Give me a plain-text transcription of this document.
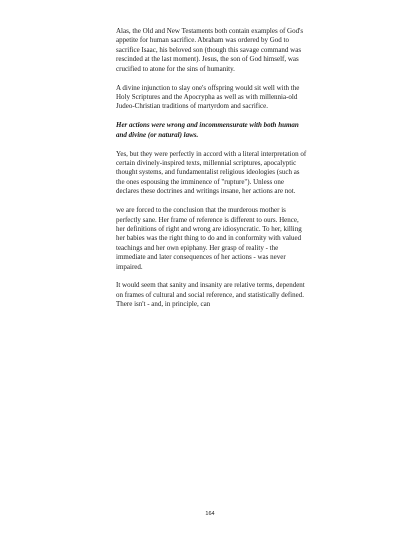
Alas, the Old and New Testaments both contain examples of God's appetite for human sacrifice. Abraham was ordered by God to sacrifice Isaac, his beloved son (though this savage command was rescinded at the last moment). Jesus, the son of God himself, was crucified to atone for the sins of humanity.

A divine injunction to slay one's offspring would sit well with the Holy Scriptures and the Apocrypha as well as with millennia-old Judeo-Christian traditions of martyrdom and sacrifice.

Her actions were wrong and incommensurate with both human and divine (or natural) laws.

Yes, but they were perfectly in accord with a literal interpretation of certain divinely-inspired texts, millennial scriptures, apocalyptic thought systems, and fundamentalist religious ideologies (such as the ones espousing the imminence of "rupture"). Unless one declares these doctrines and writings insane, her actions are not.

we are forced to the conclusion that the murderous mother is perfectly sane. Her frame of reference is different to ours. Hence, her definitions of right and wrong are idiosyncratic. To her, killing her babies was the right thing to do and in conformity with valued teachings and her own epiphany. Her grasp of reality - the immediate and later consequences of her actions - was never impaired.

It would seem that sanity and insanity are relative terms, dependent on frames of cultural and social reference, and statistically defined. There isn't - and, in principle, can

164
